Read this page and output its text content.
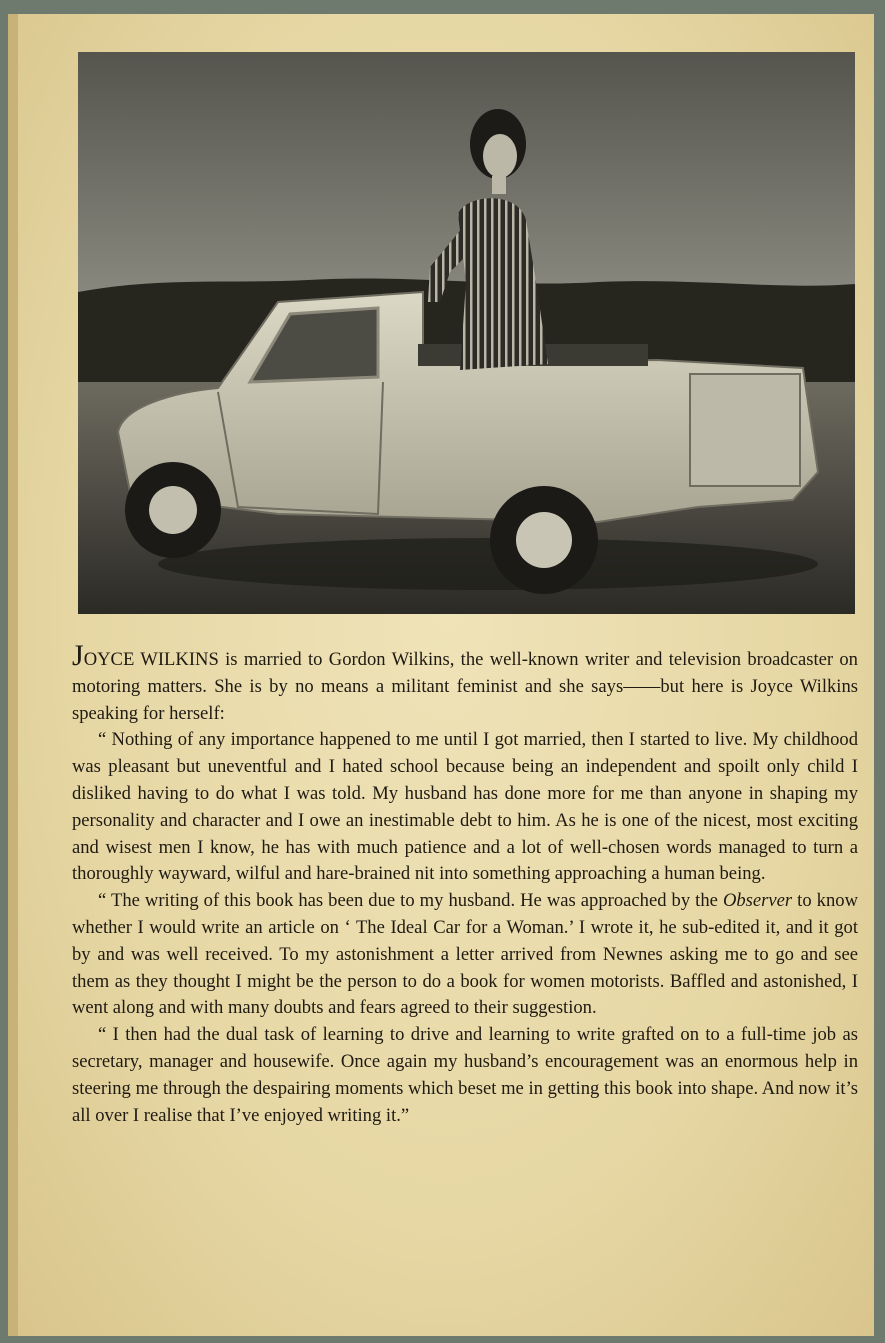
JOYCE WILKINS is married to Gordon Wilkins, the well-known writer and television broadcaster on motoring matters. She is by no means a militant feminist and she says——but here is Joyce Wilkins speaking for herself:

“ Nothing of any importance happened to me until I got married, then I started to live. My childhood was pleasant but uneventful and I hated school because being an independent and spoilt only child I disliked having to do what I was told. My husband has done more for me than anyone in shaping my personality and character and I owe an inestimable debt to him. As he is one of the nicest, most exciting and wisest men I know, he has with much patience and a lot of well-chosen words managed to turn a thoroughly wayward, wilful and hare-brained nit into something approaching a human being.

“ The writing of this book has been due to my husband. He was approached by the Observer to know whether I would write an article on ‘ The Ideal Car for a Woman.’ I wrote it, he sub-edited it, and it got by and was well received. To my astonishment a letter arrived from Newnes asking me to go and see them as they thought I might be the person to do a book for women motorists. Baffled and astonished, I went along and with many doubts and fears agreed to their suggestion.

“ I then had the dual task of learning to drive and learning to write grafted on to a full-time job as secretary, manager and housewife. Once again my husband’s encouragement was an enormous help in steering me through the despairing moments which beset me in getting this book into shape. And now it’s all over I realise that I’ve enjoyed writing it.”
